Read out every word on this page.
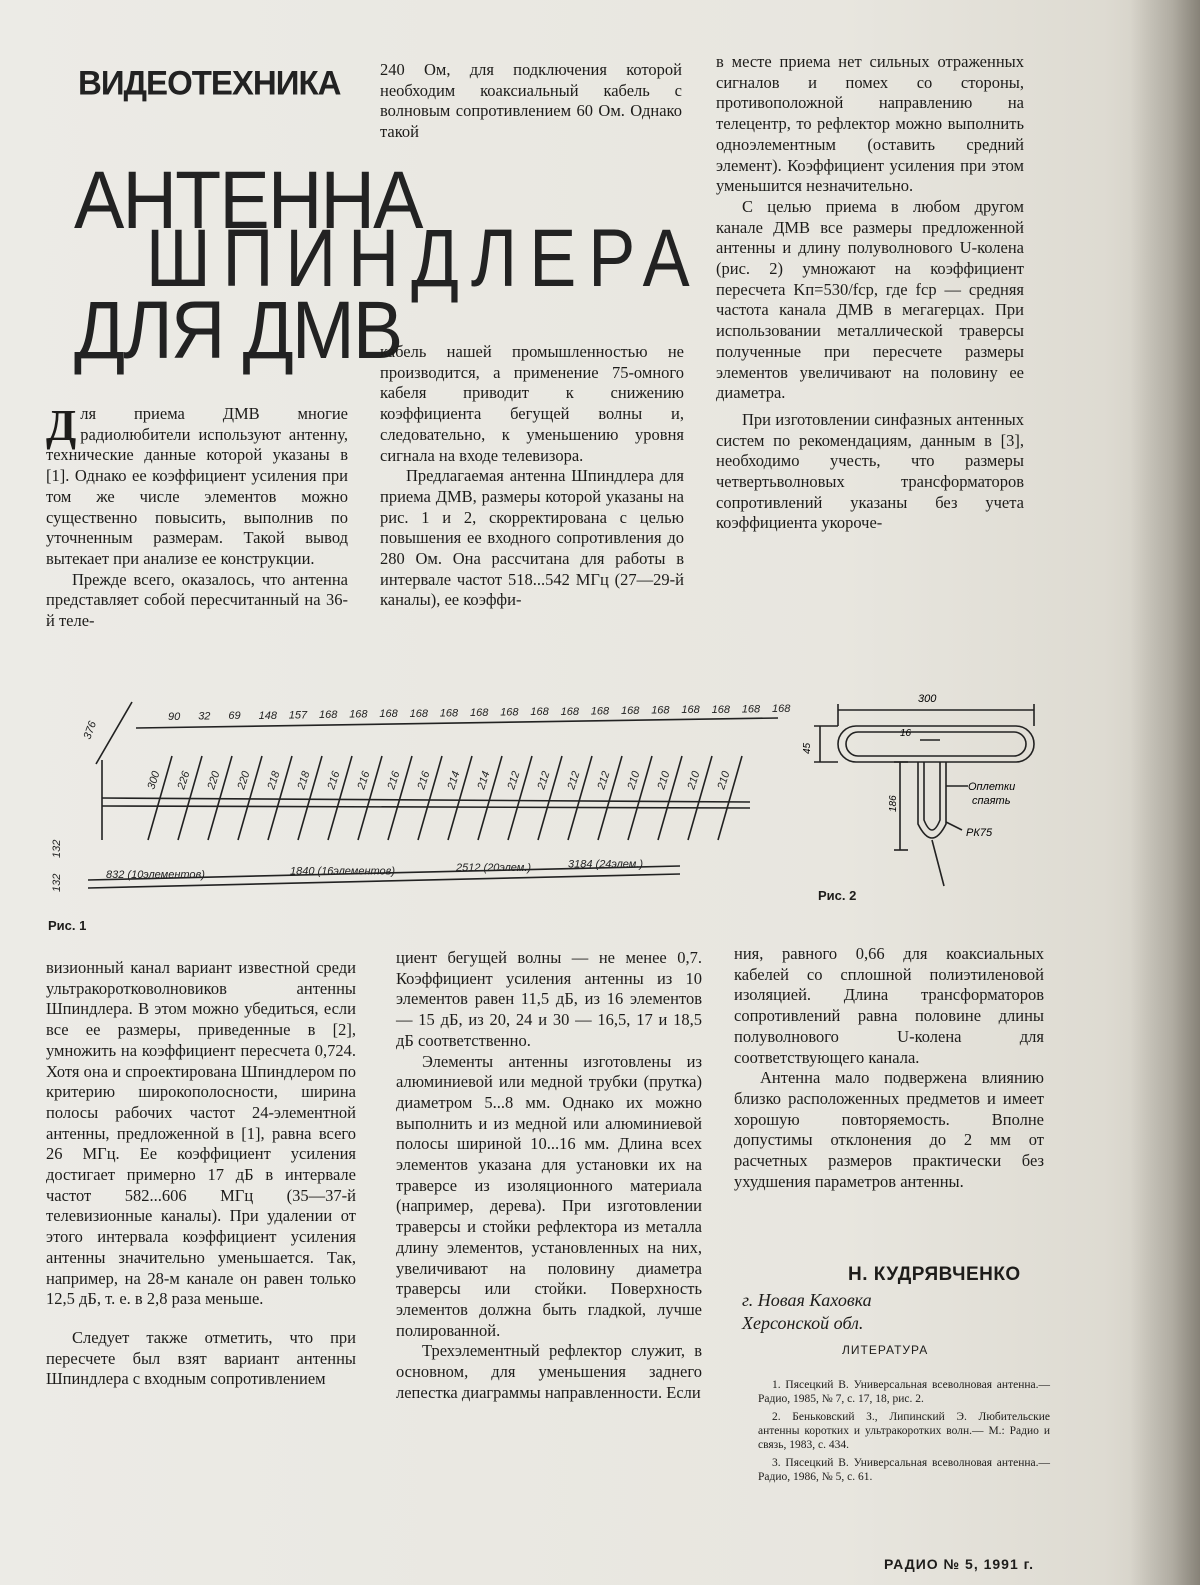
ВИДЕОТЕХНИКА
АНТЕННА
ШПИНДЛЕРА
ДЛЯ ДМВ

Для приема ДМВ многие радиолюбители используют антенну, технические данные которой указаны в [1]. Однако ее коэффициент усиления при том же числе элементов можно существенно повысить, выполнив по уточненным размерам. Такой вывод вытекает при анализе ее конструкции.

Прежде всего, оказалось, что антенна представляет собой пересчитанный на 36-й теле-

240 Ом, для подключения которой необходим коаксиальный кабель с волновым сопротивлением 60 Ом. Однако такой

кабель нашей промышленностью не производится, а применение 75-омного кабеля приводит к снижению коэффициента бегущей волны и, следовательно, к уменьшению уровня сигнала на входе телевизора.

Предлагаемая антенна Шпиндлера для приема ДМВ, размеры которой указаны на рис. 1 и 2, скорректирована с целью повышения ее входного сопротивления до 280 Ом. Она рассчитана для работы в интервале частот 518...542 МГц (27—29-й каналы), ее коэффи-

в месте приема нет сильных отраженных сигналов и помех со стороны, противоположной направлению на телецентр, то рефлектор можно выполнить одноэлементным (оставить средний элемент). Коэффициент усиления при этом уменьшится незначительно.

С целью приема в любом другом канале ДМВ все размеры предложенной антенны и длину полуволнового U-колена (рис. 2) умножают на коэффициент пересчета Kп=530/fср, где fср — средняя частота канала ДМВ в мегагерцах. При использовании металлической траверсы полученные при пересчете размеры элементов увеличивают на половину ее диаметра.

При изготовлении синфазных антенных систем по рекомендациям, данным в [3], необходимо учесть, что размеры четвертьволновых трансформаторов сопротивлений указаны без учета коэффициента укороче-

300 226 220 220 218 218 216 216 216 216 214 214 212 212 212 212 210 210 210 210
90 32 69 148 157 168 168 168 168 168 168 168 168 168 168 168 168 168 168 168 168
376
132
132	832 (10элементов)	1840 (16элементов)	2512 (20элем.)	3184 (24элем.)
Рис. 1
300
45
16
186
Оплетки
спаять
РК75
Рис. 2

визионный канал вариант известной среди ультракоротковолновиков антенны Шпиндлера. В этом можно убедиться, если все ее размеры, приведенные в [2], умножить на коэффициент пересчета 0,724. Хотя она и спроектирована Шпиндлером по критерию широкополосности, ширина полосы рабочих частот 24-элементной антенны, предложенной в [1], равна всего 26 МГц. Ее коэффициент усиления достигает примерно 17 дБ в интервале частот 582...606 МГц (35—37-й телевизионные каналы). При удалении от этого интервала коэффициент усиления антенны значительно уменьшается. Так, например, на 28-м канале он равен только 12,5 дБ, т. е. в 2,8 раза меньше.

Следует также отметить, что при пересчете был взят вариант антенны Шпиндлера с входным сопротивлением

циент бегущей волны — не менее 0,7. Коэффициент усиления антенны из 10 элементов равен 11,5 дБ, из 16 элементов — 15 дБ, из 20, 24 и 30 — 16,5, 17 и 18,5 дБ соответственно.

Элементы антенны изготовлены из алюминиевой или медной трубки (прутка) диаметром 5...8 мм. Однако их можно выполнить и из медной или алюминиевой полосы шириной 10...16 мм. Длина всех элементов указана для установки их на траверсе из изоляционного материала (например, дерева). При изготовлении траверсы и стойки рефлектора из металла длину элементов, установленных на них, увеличивают на половину диаметра траверсы или стойки. Поверхность элементов должна быть гладкой, лучше полированной.

Трехэлементный рефлектор служит, в основном, для уменьшения заднего лепестка диаграммы направленности. Если

ния, равного 0,66 для коаксиальных кабелей со сплошной полиэтиленовой изоляцией. Длина трансформаторов сопротивлений равна половине длины полуволнового U-колена для соответствующего канала.

Антенна мало подвержена влиянию близко расположенных предметов и имеет хорошую повторяемость. Вполне допустимы отклонения до 2 мм от расчетных размеров практически без ухудшения параметров антенны.

Н. КУДРЯВЧЕНКО
г. Новая Каховка
Херсонской обл.
ЛИТЕРАТУРА

1. Пясецкий В. Универсальная всеволновая антенна.— Радио, 1985, № 7, с. 17, 18, рис. 2.

2. Беньковский З., Липинский Э. Любительские антенны коротких и ультракоротких волн.— М.: Радио и связь, 1983, с. 434.

3. Пясецкий В. Универсальная всеволновая антенна.— Радио, 1986, № 5, с. 61.

РАДИО № 5, 1991 г.
